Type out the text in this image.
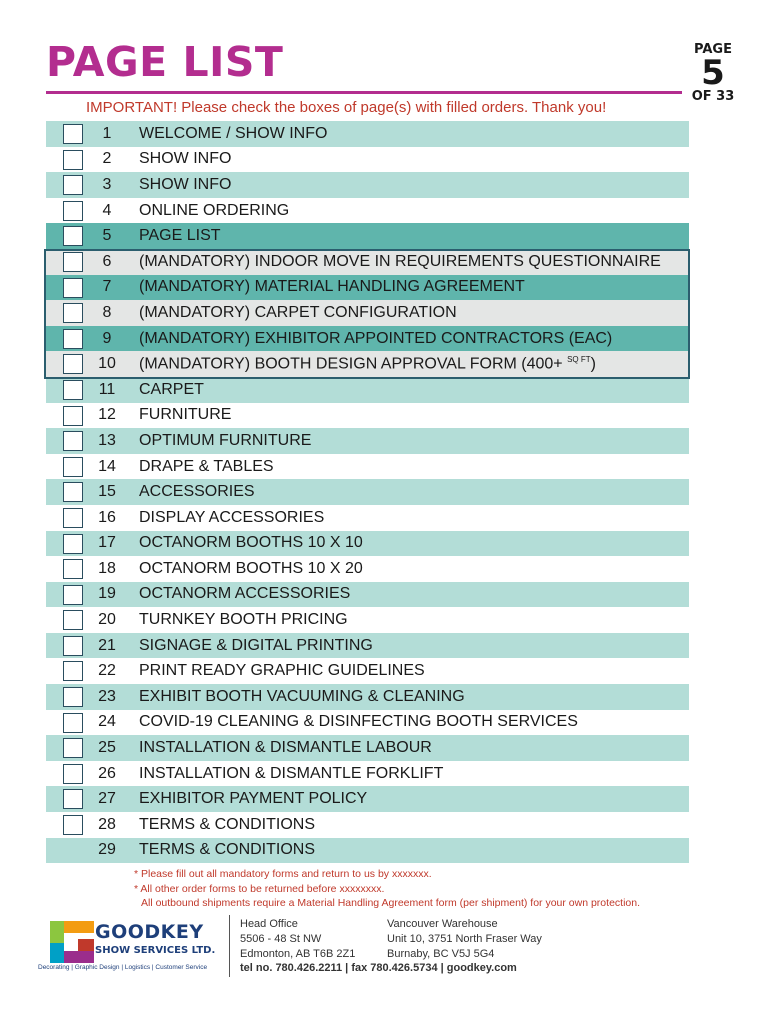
PAGE LIST	PAGE
5
OF 33
IMPORTANT! Please check the boxes of page(s) with filled orders. Thank you!
1	WELCOME / SHOW INFO
2	SHOW INFO
3	SHOW INFO
4	ONLINE ORDERING
5	PAGE LIST
6	(MANDATORY) INDOOR MOVE IN REQUIREMENTS QUESTIONNAIRE
7	(MANDATORY) MATERIAL HANDLING AGREEMENT
8	(MANDATORY) CARPET CONFIGURATION
9	(MANDATORY) EXHIBITOR APPOINTED CONTRACTORS (EAC)
10	(MANDATORY) BOOTH DESIGN APPROVAL FORM (400+ $^{SQ FT}$)
11	CARPET
12	FURNITURE
13	OPTIMUM FURNITURE
14	DRAPE & TABLES
15	ACCESSORIES
16	DISPLAY ACCESSORIES
17	OCTANORM BOOTHS 10 X 10
18	OCTANORM BOOTHS 10 X 20
19	OCTANORM ACCESSORIES
20	TURNKEY BOOTH PRICING
21	SIGNAGE & DIGITAL PRINTING
22	PRINT READY GRAPHIC GUIDELINES
23	EXHIBIT BOOTH VACUUMING & CLEANING
24	COVID-19 CLEANING & DISINFECTING BOOTH SERVICES
25	INSTALLATION & DISMANTLE LABOUR
26	INSTALLATION & DISMANTLE FORKLIFT
27	EXHIBITOR PAYMENT POLICY
28	TERMS & CONDITIONS
29	TERMS & CONDITIONS
* Please fill out all mandatory forms and return to us by xxxxxxx.
* All other order forms to be returned before xxxxxxxx.
All outbound shipments require a Material Handling Agreement form (per shipment) for your own protection.
GOODKEY
SHOW SERVICES LTD.
Decorating | Graphic Design | Logistics | Customer Service
Head Office
5506 - 48 St NW
Edmonton, AB T6B 2Z1
Vancouver Warehouse
Unit 10, 3751 North Fraser Way
Burnaby, BC V5J 5G4
tel no. 780.426.2211 | fax 780.426.5734 | goodkey.com
